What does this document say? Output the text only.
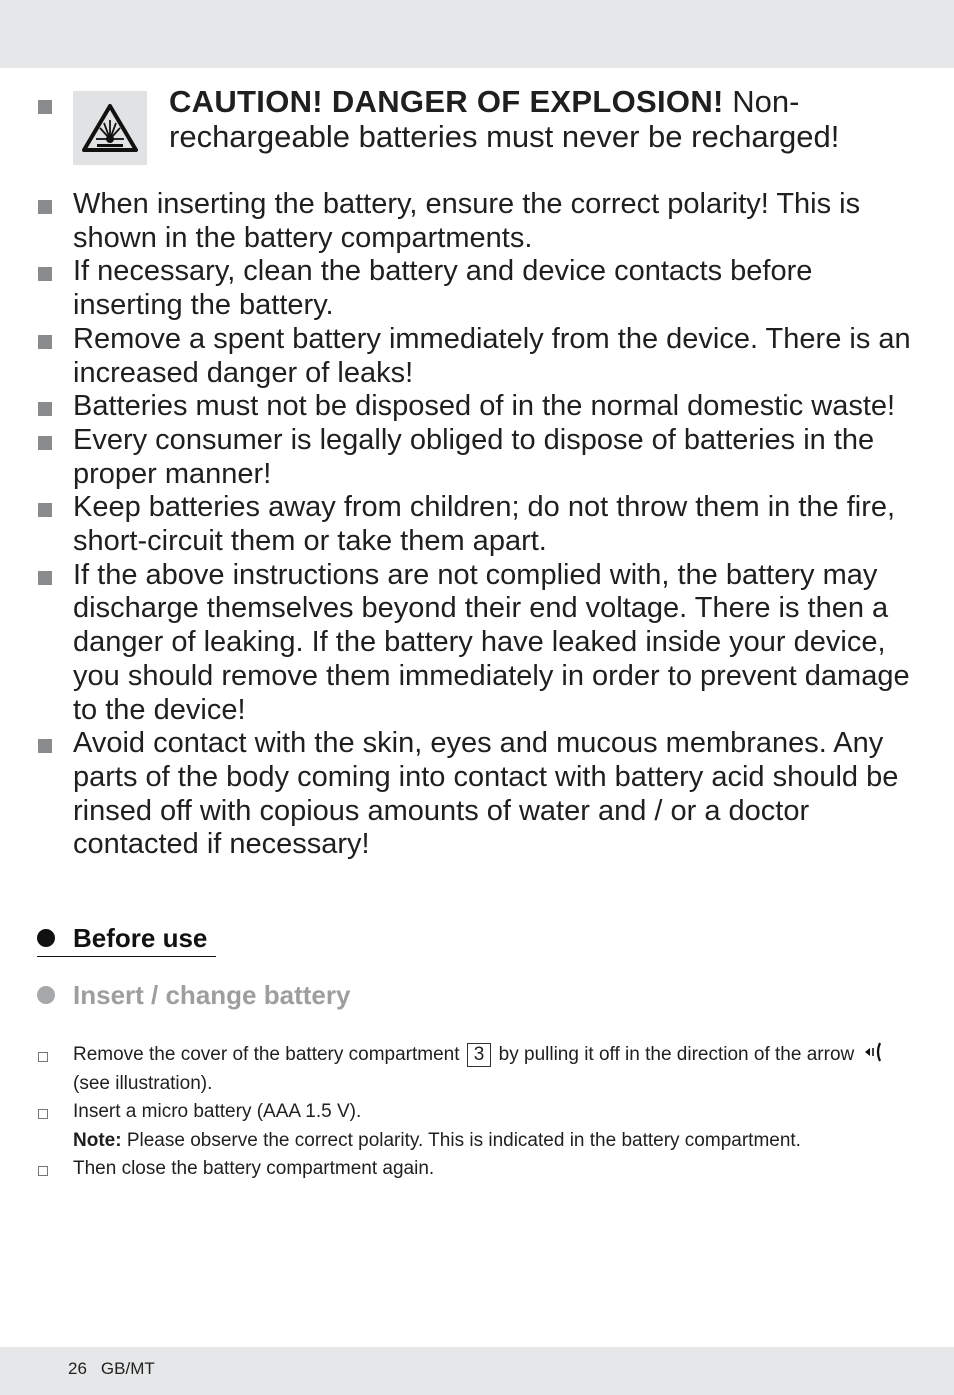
CAUTION! DANGER OF EXPLOSION! Non-rechargeable batteries must never be recharged!
When inserting the battery, ensure the correct polarity! This is shown in the battery compartments.
If necessary, clean the battery and device contacts before inserting the battery.
Remove a spent battery immediately from the device. There is an increased danger of leaks!
Batteries must not be disposed of in the normal domestic waste!
Every consumer is legally obliged to dispose of batteries in the proper manner!
Keep batteries away from children; do not throw them in the fire, short-circuit them or take them apart.
If the above instructions are not complied with, the battery may discharge themselves beyond their end voltage. There is then a danger of leaking. If the battery have leaked inside your device, you should remove them immediately in order to prevent damage to the device!
Avoid contact with the skin, eyes and mucous membranes. Any parts of the body coming into contact with battery acid should be rinsed off with copious amounts of water and / or a doctor contacted if necessary!
Before use
Insert / change battery
Remove the cover of the battery compartment 3 by pulling it off in the direction of the arrow
(see illustration).
Insert a micro battery (AAA 1.5 V).
Note: Please observe the correct polarity. This is indicated in the battery compartment.
Then close the battery compartment again.
26 GB/MT
